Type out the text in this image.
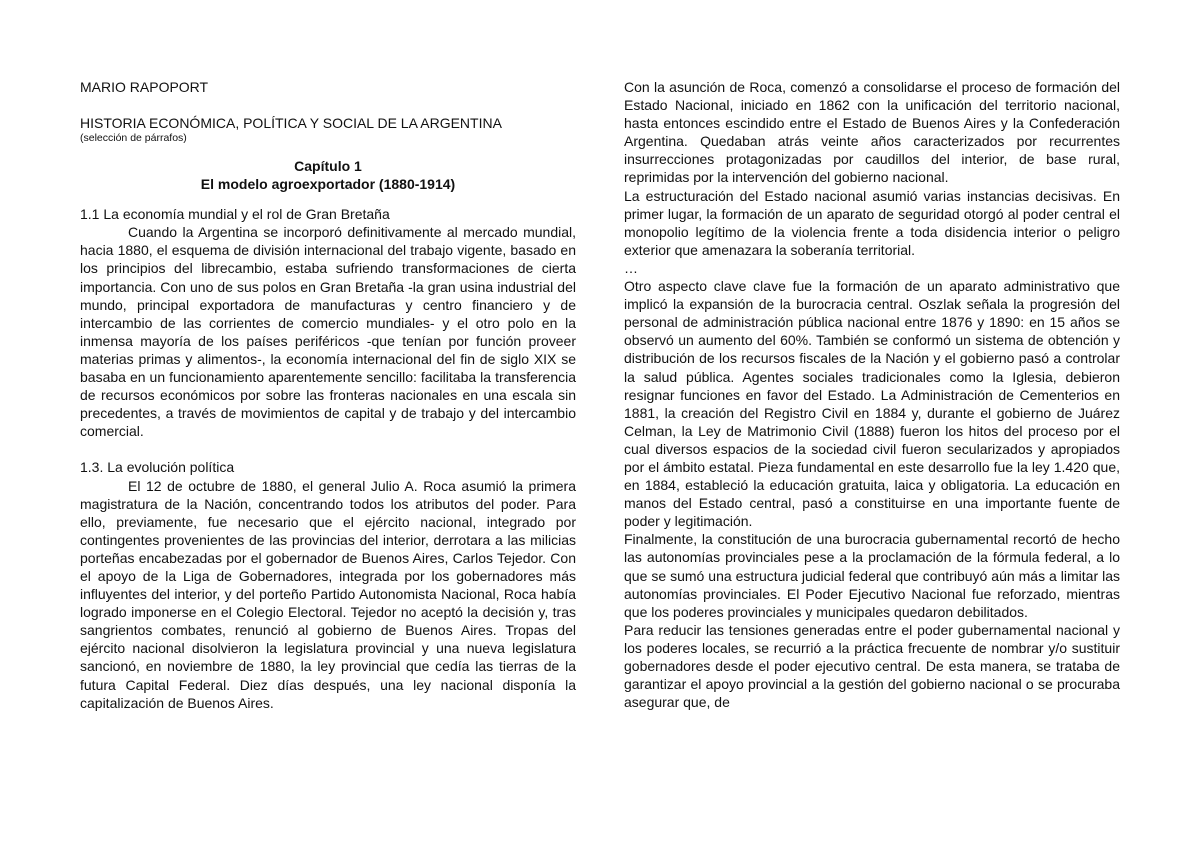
MARIO RAPOPORT
HISTORIA ECONÓMICA, POLÍTICA Y SOCIAL DE LA ARGENTINA
(selección de párrafos)
Capítulo 1
El modelo agroexportador (1880-1914)
1.1 La economía mundial y el rol de Gran Bretaña

Cuando la Argentina se incorporó definitivamente al mercado mundial, hacia 1880, el esquema de división internacional del trabajo vigente, basado en los principios del librecambio, estaba sufriendo transformaciones de cierta importancia. Con uno de sus polos en Gran Bretaña -la gran usina industrial del mundo, principal exportadora de manufacturas y centro financiero y de intercambio de las corrientes de comercio mundiales- y el otro polo en la inmensa mayoría de los países periféricos -que tenían por función proveer materias primas y alimentos-, la economía internacional del fin de siglo XIX se basaba en un funcionamiento aparentemente sencillo: facilitaba la transferencia de recursos económicos por sobre las fronteras nacionales en una escala sin precedentes, a través de movimientos de capital y de trabajo y del intercambio comercial.

1.3. La evolución política

El 12 de octubre de 1880, el general Julio A. Roca asumió la primera magistratura de la Nación, concentrando todos los atributos del poder. Para ello, previamente, fue necesario que el ejército nacional, integrado por contingentes provenientes de las provincias del interior, derrotara a las milicias porteñas encabezadas por el gobernador de Buenos Aires, Carlos Tejedor. Con el apoyo de la Liga de Gobernadores, integrada por los gobernadores más influyentes del interior, y del porteño Partido Autonomista Nacional, Roca había logrado imponerse en el Colegio Electoral. Tejedor no aceptó la decisión y, tras sangrientos combates, renunció al gobierno de Buenos Aires. Tropas del ejército nacional disolvieron la legislatura provincial y una nueva legislatura sancionó, en noviembre de 1880, la ley provincial que cedía las tierras de la futura Capital Federal. Diez días después, una ley nacional disponía la capitalización de Buenos Aires.

Con la asunción de Roca, comenzó a consolidarse el proceso de formación del Estado Nacional, iniciado en 1862 con la unificación del territorio nacional, hasta entonces escindido entre el Estado de Buenos Aires y la Confederación Argentina. Quedaban atrás veinte años caracterizados por recurrentes insurrecciones protagonizadas por caudillos del interior, de base rural, reprimidas por la intervención del gobierno nacional.

La estructuración del Estado nacional asumió varias instancias decisivas. En primer lugar, la formación de un aparato de seguridad otorgó al poder central el monopolio legítimo de la violencia frente a toda disidencia interior o peligro exterior que amenazara la soberanía territorial.

…

Otro aspecto clave clave fue la formación de un aparato administrativo que implicó la expansión de la burocracia central. Oszlak señala la progresión del personal de administración pública nacional entre 1876 y 1890: en 15 años se observó un aumento del 60%. También se conformó un sistema de obtención y distribución de los recursos fiscales de la Nación y el gobierno pasó a controlar la salud pública. Agentes sociales tradicionales como la Iglesia, debieron resignar funciones en favor del Estado. La Administración de Cementerios en 1881, la creación del Registro Civil en 1884 y, durante el gobierno de Juárez Celman, la Ley de Matrimonio Civil (1888) fueron los hitos del proceso por el cual diversos espacios de la sociedad civil fueron secularizados y apropiados por el ámbito estatal. Pieza fundamental en este desarrollo fue la ley 1.420 que, en 1884, estableció la educación gratuita, laica y obligatoria. La educación en manos del Estado central, pasó a constituirse en una importante fuente de poder y legitimación.

Finalmente, la constitución de una burocracia gubernamental recortó de hecho las autonomías provinciales pese a la proclamación de la fórmula federal, a lo que se sumó una estructura judicial federal que contribuyó aún más a limitar las autonomías provinciales. El Poder Ejecutivo Nacional fue reforzado, mientras que los poderes provinciales y municipales quedaron debilitados.

Para reducir las tensiones generadas entre el poder gubernamental nacional y los poderes locales, se recurrió a la práctica frecuente de nombrar y/o sustituir gobernadores desde el poder ejecutivo central. De esta manera, se trataba de garantizar el apoyo provincial a la gestión del gobierno nacional o se procuraba asegurar que, de
